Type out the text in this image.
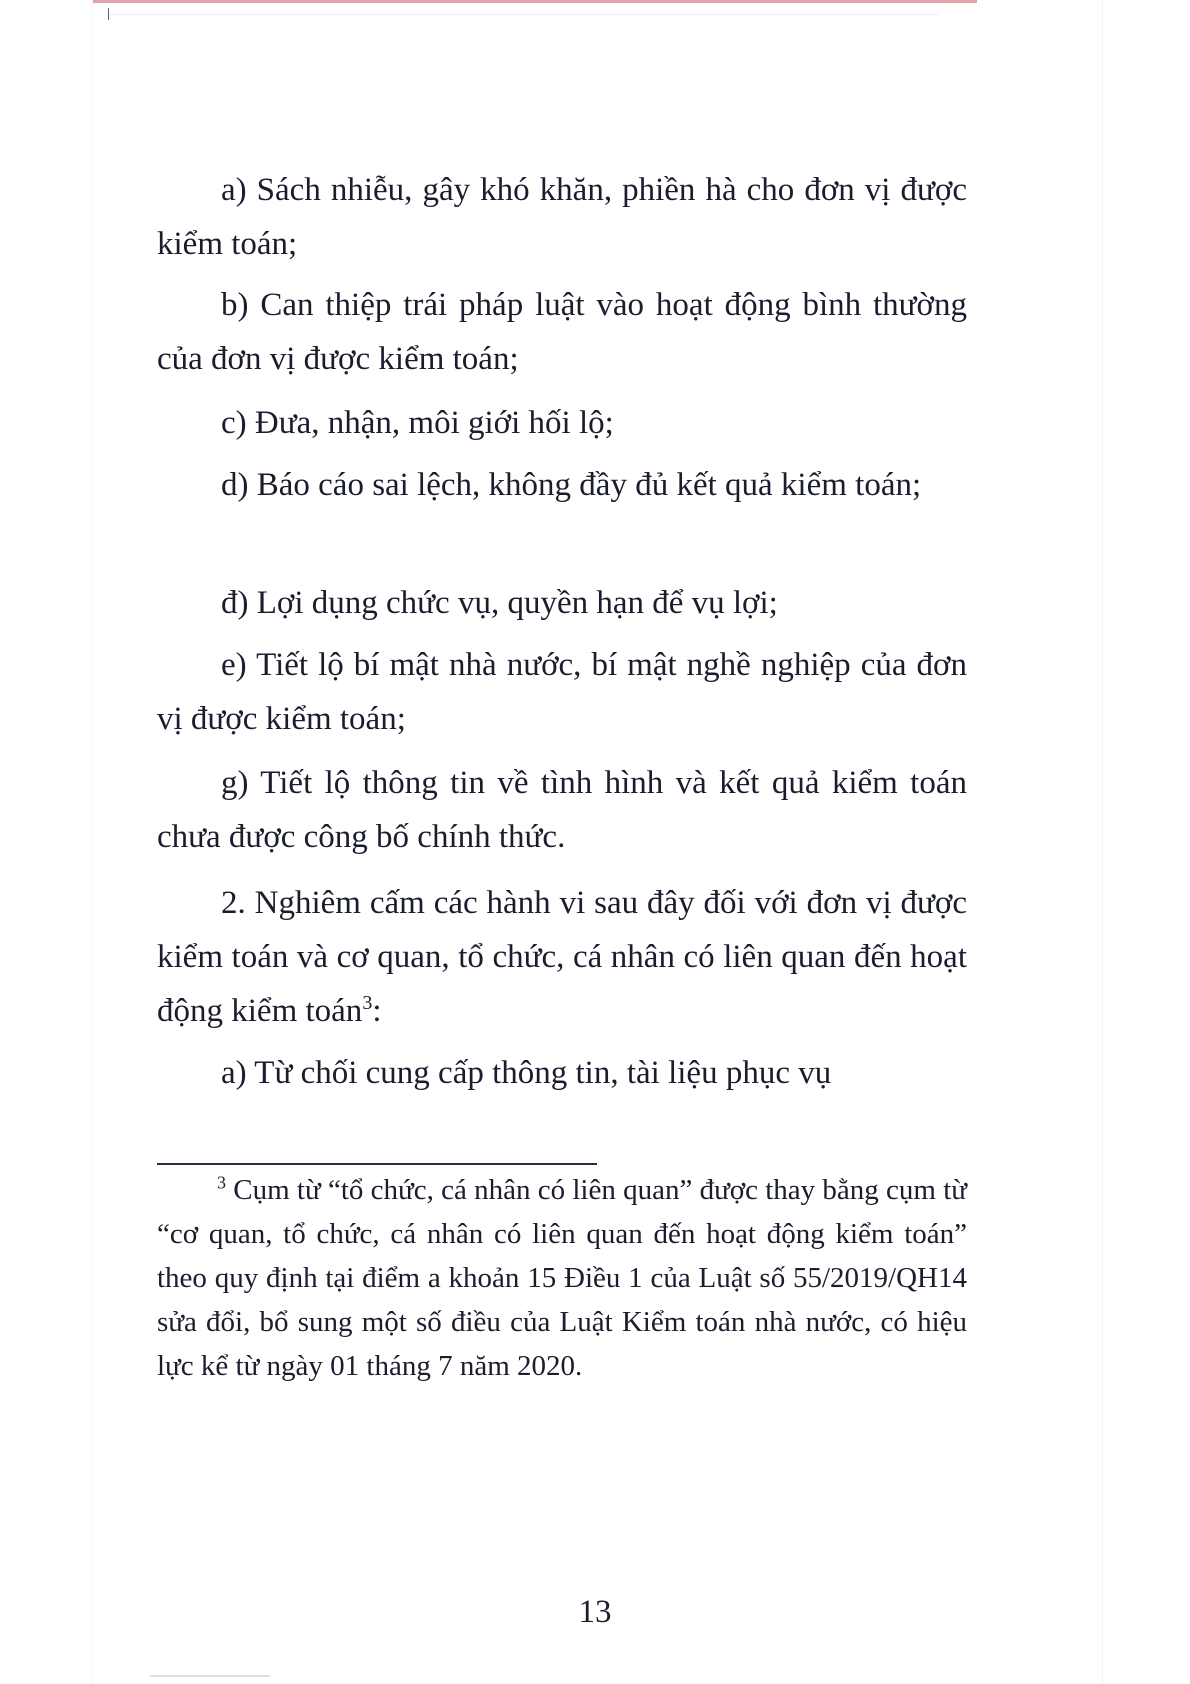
a) Sách nhiễu, gây khó khăn, phiền hà cho đơn vị được kiểm toán;

b) Can thiệp trái pháp luật vào hoạt động bình thường của đơn vị được kiểm toán;

c) Đưa, nhận, môi giới hối lộ;

d) Báo cáo sai lệch, không đầy đủ kết quả kiểm toán;

đ) Lợi dụng chức vụ, quyền hạn để vụ lợi;

e) Tiết lộ bí mật nhà nước, bí mật nghề nghiệp của đơn vị được kiểm toán;

g) Tiết lộ thông tin về tình hình và kết quả kiểm toán chưa được công bố chính thức.

2. Nghiêm cấm các hành vi sau đây đối với đơn vị được kiểm toán và cơ quan, tổ chức, cá nhân có liên quan đến hoạt động kiểm toán$^3$:

a) Từ chối cung cấp thông tin, tài liệu phục vụ

$^3$ Cụm từ “tổ chức, cá nhân có liên quan” được thay bằng cụm từ “cơ quan, tổ chức, cá nhân có liên quan đến hoạt động kiểm toán” theo quy định tại điểm a khoản 15 Điều 1 của Luật số 55/2019/QH14 sửa đổi, bổ sung một số điều của Luật Kiểm toán nhà nước, có hiệu lực kể từ ngày 01 tháng 7 năm 2020.

13
